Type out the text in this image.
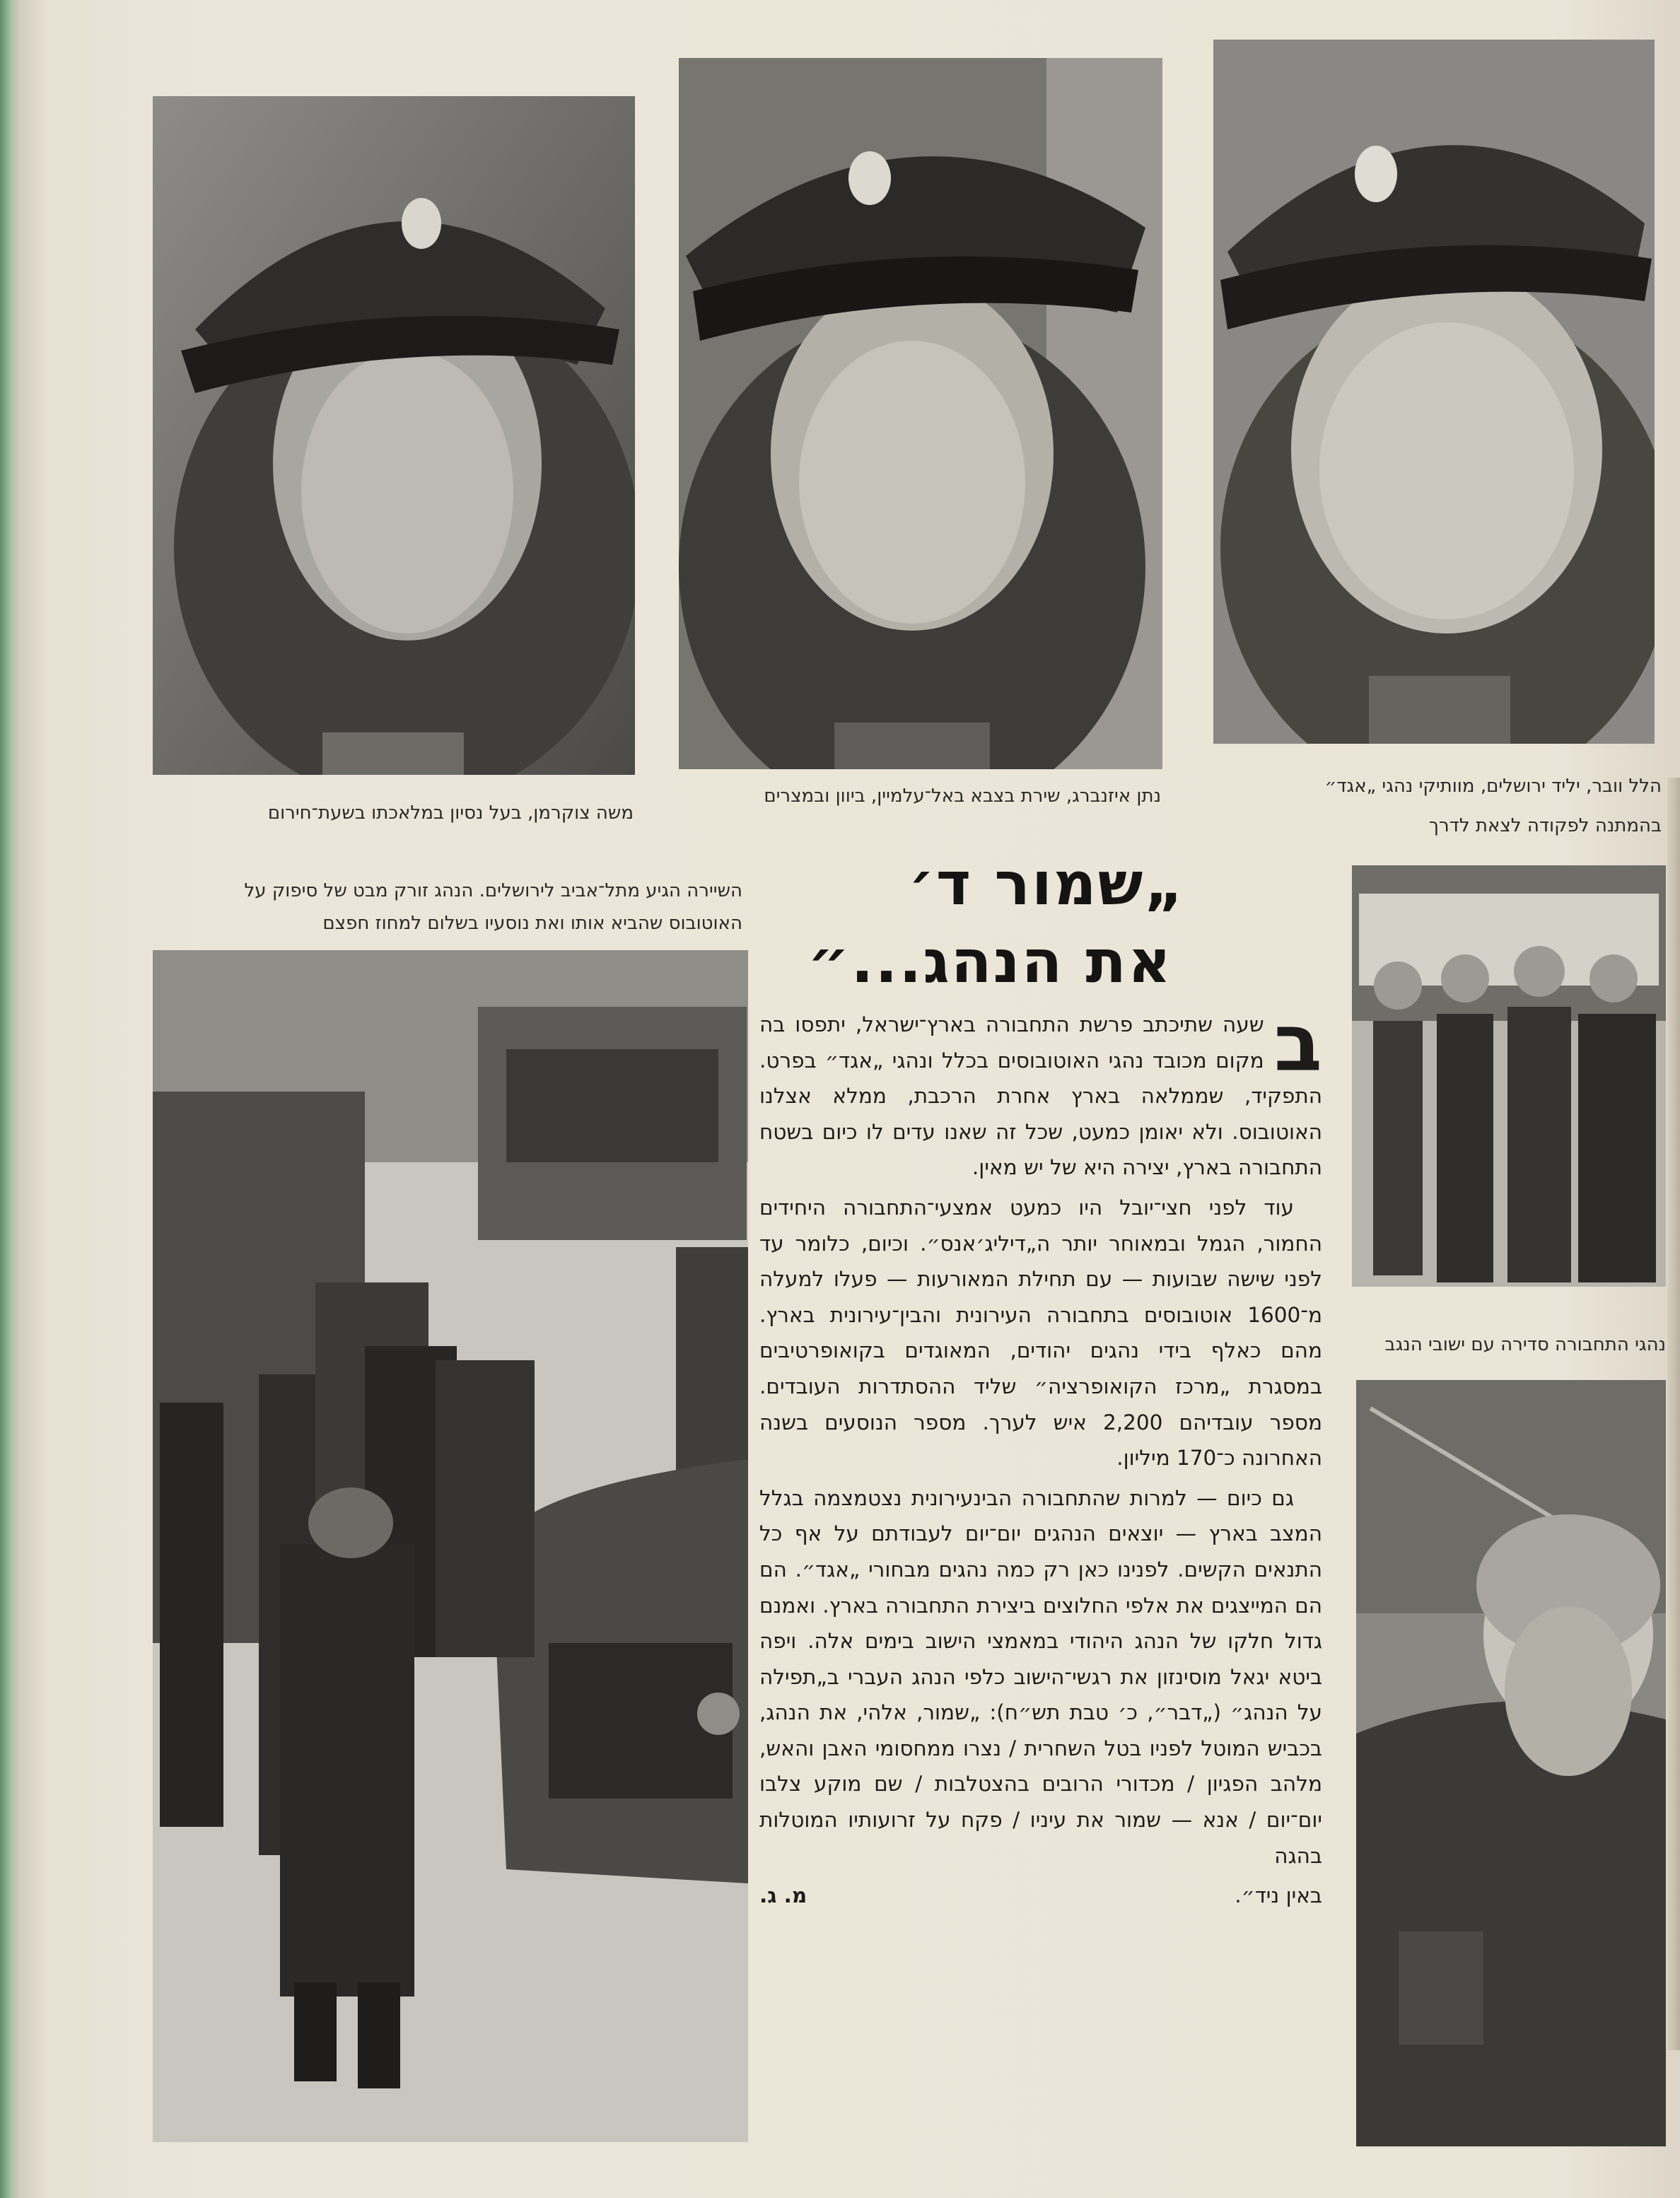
הלל וובר, יליד ירושלים, מוותיקי נהגי „אגד״
בהמתנה לפקודה לצאת לדרך
נתן איזנברג, שירת בצבא באל־עלמיין, ביוון ובמצרים
משה צוקרמן, בעל נסיון במלאכתו בשעת־חירום
השיירה הגיע מתל־אביב לירושלים. הנהג זורק מבט של סיפוק על
האוטובוס שהביא אותו ואת נוסעיו בשלום למחוז חפצם
„שמור ד׳
את הנהג...״

ב
שעה שתיכתב פרשת התחבורה בארץ־ישראל, יתפסו בה מקום מכובד נהגי האוטובוסים בכלל ונהגי „אגד״ בפרט. התפקיד, שממלאה בארץ אחרת הרכבת, ממלא אצלנו האוטובוס. ולא יאומן כמעט, שכל זה שאנו עדים לו כיום בשטח התחבורה בארץ, יצירה היא של יש מאין.

עוד לפני חצי־יובל היו כמעט אמצעי־התחבורה היחידים החמור, הגמל ובמאוחר יותר ה„דיליג׳אנס״. וכיום, כלומר עד לפני שישה שבועות — עם תחילת המאורעות — פעלו למעלה מ־1600 אוטובוסים בתחבורה העירונית והבין־עירונית בארץ. מהם כאלף בידי נהגים יהודים, המאוגדים בקואופרטיבים במסגרת „מרכז הקואופרציה״ שליד ההסתדרות העובדים. מספר עובדיהם 2,200 איש לערך. מספר הנוסעים בשנה האחרונה כ־170 מיליון.

גם כיום — למרות שהתחבורה הבינעירונית נצטמצמה בגלל המצב בארץ — יוצאים הנהגים יום־יום לעבודתם על אף כל התנאים הקשים. לפנינו כאן רק כמה נהגים מבחורי „אגד״. הם הם המייצגים את אלפי החלוצים ביצירת התחבורה בארץ. ואמנם גדול חלקו של הנהג היהודי במאמצי הישוב בימים אלה. ויפה ביטא יגאל מוסינזון את רגשי־הישוב כלפי הנהג העברי ב„תפילה על הנהג״ („דבר״, כ׳ טבת תש״ח): „שמור, אלהי, את הנהג, בכביש המוטל לפניו בטל השחרית / נצרו ממחסומי האבן והאש, מלהב הפגיון / מכדורי הרובים בהצטלבות / שם מוקע צלבו יום־יום / אנא — שמור את עיניו / פקח על זרועותיו המוטלות בהגה

באין ניד״.
מ. ג.
נהגי התחבורה סדירה עם ישובי הנגב
